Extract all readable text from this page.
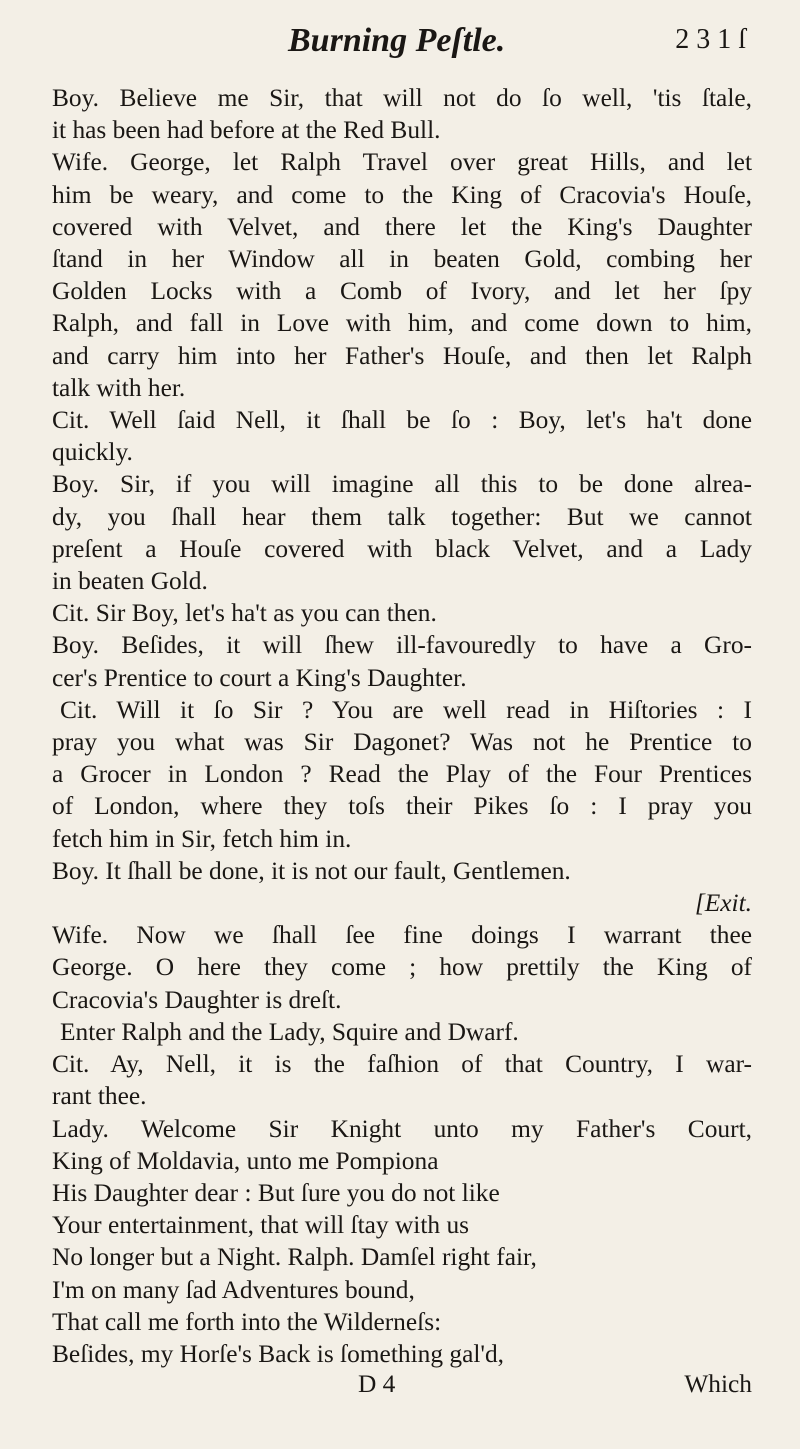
Burning Peſtle.	2 3 1 ſ
Boy. Believe me Sir, that will not do ſo well, 'tis ſtale,
it has been had before at the Red Bull.
Wife. George, let Ralph Travel over great Hills, and let
him be weary, and come to the King of Cracovia's Houſe,
covered with Velvet, and there let the King's Daughter
ſtand in her Window all in beaten Gold, combing her
Golden Locks with a Comb of Ivory, and let her ſpy
Ralph, and fall in Love with him, and come down to him,
and carry him into her Father's Houſe, and then let Ralph
talk with her.
Cit. Well ſaid Nell, it ſhall be ſo : Boy, let's ha't done
quickly.
Boy. Sir, if you will imagine all this to be done alrea-
dy, you ſhall hear them talk together: But we cannot
preſent a Houſe covered with black Velvet, and a Lady
in beaten Gold.
Cit. Sir Boy, let's ha't as you can then.
Boy. Beſides, it will ſhew ill-favouredly to have a Gro-
cer's Prentice to court a King's Daughter.
Cit. Will it ſo Sir ? You are well read in Hiſtories : I
pray you what was Sir Dagonet? Was not he Prentice to
a Grocer in London ? Read the Play of the Four Prentices
of London, where they toſs their Pikes ſo : I pray you
fetch him in Sir, fetch him in.
Boy. It ſhall be done, it is not our fault, Gentlemen.
[Exit.
Wife. Now we ſhall ſee fine doings I warrant thee
George. O here they come ; how prettily the King of
Cracovia's Daughter is dreſt.
Enter Ralph and the Lady, Squire and Dwarf.
Cit. Ay, Nell, it is the faſhion of that Country, I war-
rant thee.
Lady. Welcome Sir Knight unto my Father's Court,
King of Moldavia, unto me Pompiona
His Daughter dear : But ſure you do not like
Your entertainment, that will ſtay with us
No longer but a Night. Ralph. Damſel right fair,
I'm on many ſad Adventures bound,
That call me forth into the Wilderneſs:
Beſides, my Horſe's Back is ſomething gal'd,
D 4	Which
